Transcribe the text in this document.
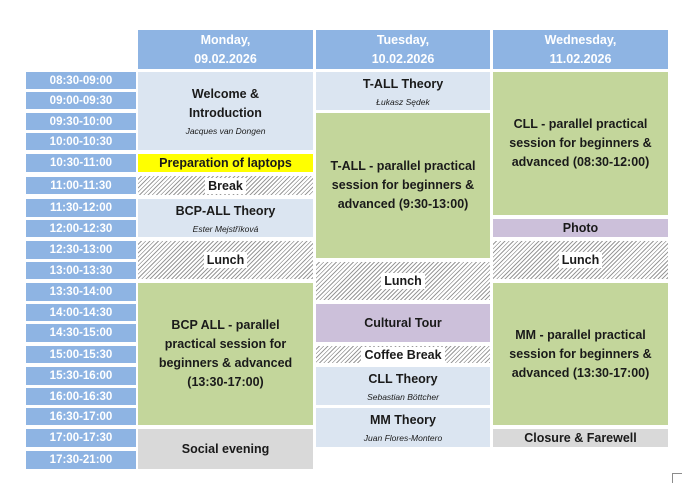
Monday,
09.02.2026
Tuesday,
10.02.2026
Wednesday,
11.02.2026
08:30-09:00
09:00-09:30
09:30-10:00
10:00-10:30
10:30-11:00
11:00-11:30
11:30-12:00
12:00-12:30
12:30-13:00
13:00-13:30
13:30-14:00
14:00-14:30
14:30-15:00
15:00-15:30
15:30-16:00
16:00-16:30
16:30-17:00
17:00-17:30
17:30-21:00
Welcome & Introduction
Jacques van Dongen
Preparation of laptops
Break
BCP-ALL Theory
Ester Mejstříková
Lunch
BCP ALL - parallel practical session for beginners & advanced (13:30-17:00)
Social evening
T-ALL Theory
Łukasz Sędek
T-ALL - parallel practical session for beginners & advanced (9:30-13:00)
Lunch
Cultural Tour
Coffee Break
CLL Theory
Sebastian Böttcher
MM Theory
Juan Flores-Montero
CLL - parallel practical session for beginners & advanced (08:30-12:00)
Photo
Lunch
MM - parallel practical session for beginners & advanced (13:30-17:00)
Closure & Farewell
